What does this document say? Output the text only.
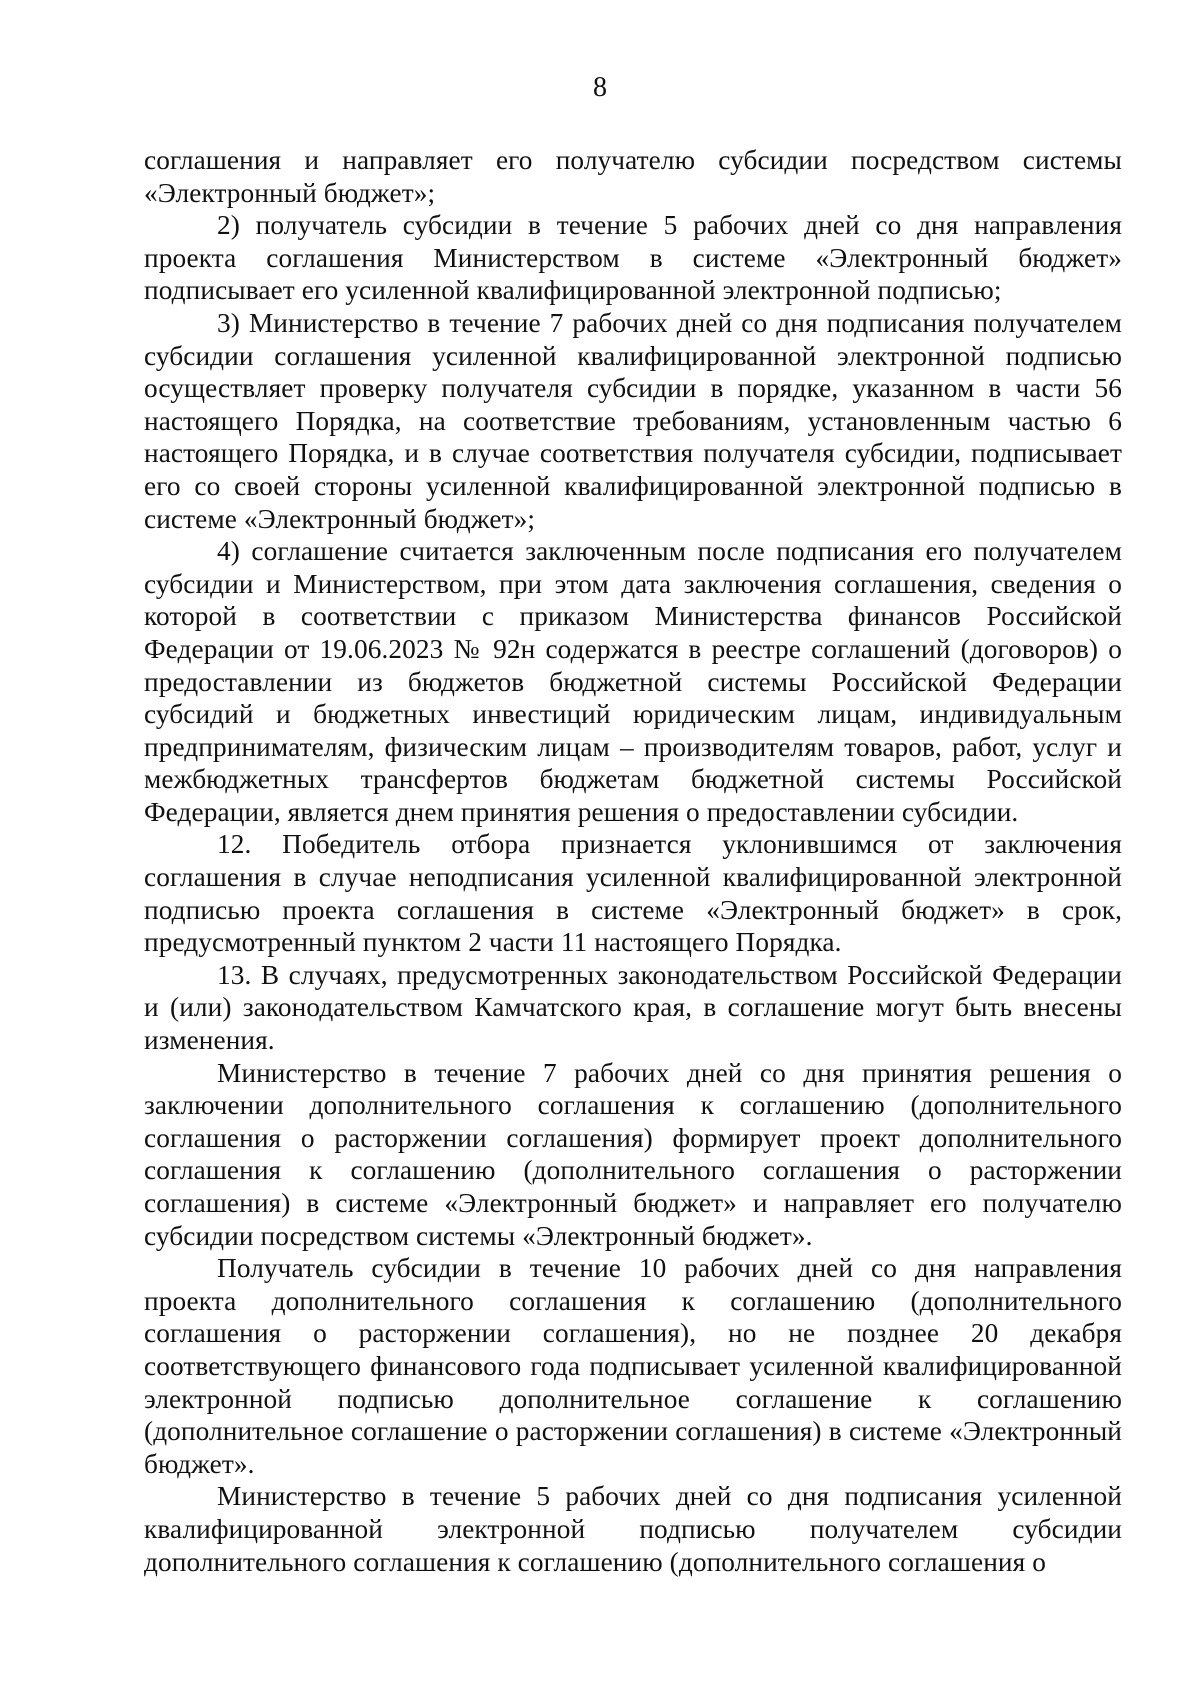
8

соглашения и направляет его получателю субсидии посредством системы «Электронный бюджет»;

2) получатель субсидии в течение 5 рабочих дней со дня направления проекта соглашения Министерством в системе «Электронный бюджет» подписывает его усиленной квалифицированной электронной подписью;

3) Министерство в течение 7 рабочих дней со дня подписания получателем субсидии соглашения усиленной квалифицированной электронной подписью осуществляет проверку получателя субсидии в порядке, указанном в части 56 настоящего Порядка, на соответствие требованиям, установленным частью 6 настоящего Порядка, и в случае соответствия получателя субсидии, подписывает его со своей стороны усиленной квалифицированной электронной подписью в системе «Электронный бюджет»;

4) соглашение считается заключенным после подписания его получателем субсидии и Министерством, при этом дата заключения соглашения, сведения о которой в соответствии с приказом Министерства финансов Российской Федерации от 19.06.2023 № 92н содержатся в реестре соглашений (договоров) о предоставлении из бюджетов бюджетной системы Российской Федерации субсидий и бюджетных инвестиций юридическим лицам, индивидуальным предпринимателям, физическим лицам – производителям товаров, работ, услуг и межбюджетных трансфертов бюджетам бюджетной системы Российской Федерации, является днем принятия решения о предоставлении субсидии.

12. Победитель отбора признается уклонившимся от заключения соглашения в случае неподписания усиленной квалифицированной электронной подписью проекта соглашения в системе «Электронный бюджет» в срок, предусмотренный пунктом 2 части 11 настоящего Порядка.

13. В случаях, предусмотренных законодательством Российской Федерации и (или) законодательством Камчатского края, в соглашение могут быть внесены изменения.

Министерство в течение 7 рабочих дней со дня принятия решения о заключении дополнительного соглашения к соглашению (дополнительного соглашения о расторжении соглашения) формирует проект дополнительного соглашения к соглашению (дополнительного соглашения о расторжении соглашения) в системе «Электронный бюджет» и направляет его получателю субсидии посредством системы «Электронный бюджет».

Получатель субсидии в течение 10 рабочих дней со дня направления проекта дополнительного соглашения к соглашению (дополнительного соглашения о расторжении соглашения), но не позднее 20 декабря соответствующего финансового года подписывает усиленной квалифицированной электронной подписью дополнительное соглашение к соглашению (дополнительное соглашение о расторжении соглашения) в системе «Электронный бюджет».

Министерство в течение 5 рабочих дней со дня подписания усиленной квалифицированной электронной подписью получателем субсидии дополнительного соглашения к соглашению (дополнительного соглашения о
